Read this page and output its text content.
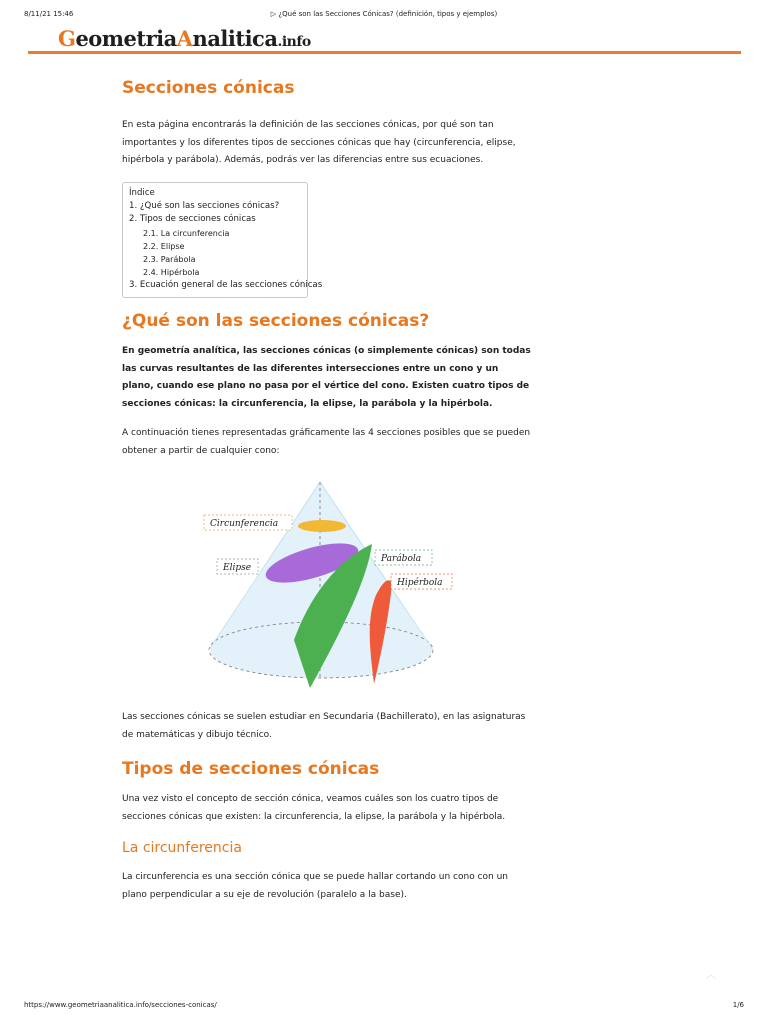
8/11/21 15:46	▷ ¿Qué son las Secciones Cónicas? (definición, tipos y ejemplos)
GeometriaAnalitica.info
Secciones cónicas

En esta página encontrarás la definición de las secciones cónicas, por qué son tan importantes y los diferentes tipos de secciones cónicas que hay (circunferencia, elipse, hipérbola y parábola). Además, podrás ver las diferencias entre sus ecuaciones.

Índice
1. ¿Qué son las secciones cónicas?
2. Tipos de secciones cónicas
2.1. La circunferencia
2.2. Elipse
2.3. Parábola
2.4. Hipérbola
3. Ecuación general de las secciones cónicas
¿Qué son las secciones cónicas?

En geometría analítica, las secciones cónicas (o simplemente cónicas) son todas las curvas resultantes de las diferentes intersecciones entre un cono y un plano, cuando ese plano no pasa por el vértice del cono. Existen cuatro tipos de secciones cónicas: la circunferencia, la elipse, la parábola y la hipérbola.

A continuación tienes representadas gráficamente las 4 secciones posibles que se pueden obtener a partir de cualquier cono:

Circunferencia
Elipse
Parábola
Hipérbola

Las secciones cónicas se suelen estudiar en Secundaria (Bachillerato), en las asignaturas de matemáticas y dibujo técnico.

Tipos de secciones cónicas

Una vez visto el concepto de sección cónica, veamos cuáles son los cuatro tipos de secciones cónicas que existen: la circunferencia, la elipse, la parábola y la hipérbola.

La circunferencia

La circunferencia es una sección cónica que se puede hallar cortando un cono con un plano perpendicular a su eje de revolución (paralelo a la base).

︿
https://www.geometriaanalitica.info/secciones-conicas/	1/6
